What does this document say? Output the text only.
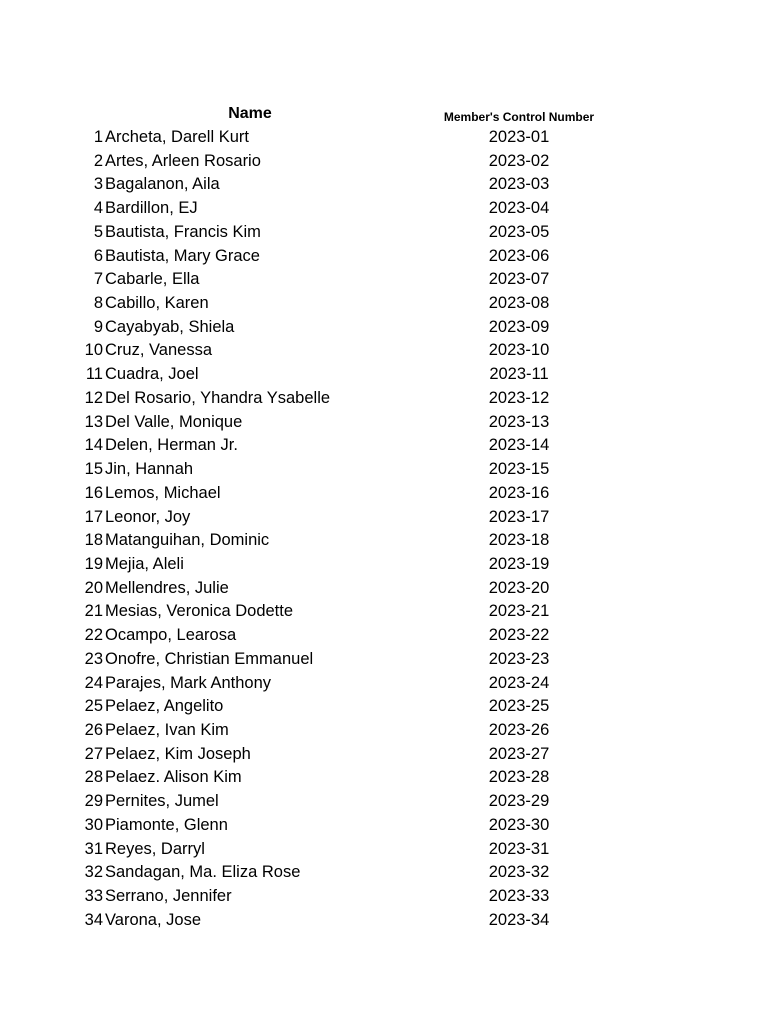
Name	Member's Control Number
1 Archeta, Darell Kurt	2023-01
2 Artes, Arleen Rosario	2023-02
3 Bagalanon, Aila	2023-03
4 Bardillon, EJ	2023-04
5 Bautista, Francis Kim	2023-05
6 Bautista, Mary Grace	2023-06
7 Cabarle, Ella	2023-07
8 Cabillo, Karen	2023-08
9 Cayabyab, Shiela	2023-09
10 Cruz, Vanessa	2023-10
11 Cuadra, Joel	2023-11
12 Del Rosario, Yhandra Ysabelle	2023-12
13 Del Valle, Monique	2023-13
14 Delen, Herman Jr.	2023-14
15 Jin, Hannah	2023-15
16 Lemos, Michael	2023-16
17 Leonor, Joy	2023-17
18 Matanguihan, Dominic	2023-18
19 Mejia, Aleli	2023-19
20 Mellendres, Julie	2023-20
21 Mesias, Veronica Dodette	2023-21
22 Ocampo, Learosa	2023-22
23 Onofre, Christian Emmanuel	2023-23
24 Parajes, Mark Anthony	2023-24
25 Pelaez, Angelito	2023-25
26 Pelaez, Ivan Kim	2023-26
27 Pelaez, Kim Joseph	2023-27
28 Pelaez. Alison Kim	2023-28
29 Pernites, Jumel	2023-29
30 Piamonte, Glenn	2023-30
31 Reyes, Darryl	2023-31
32 Sandagan, Ma. Eliza Rose	2023-32
33 Serrano, Jennifer	2023-33
34 Varona, Jose	2023-34
